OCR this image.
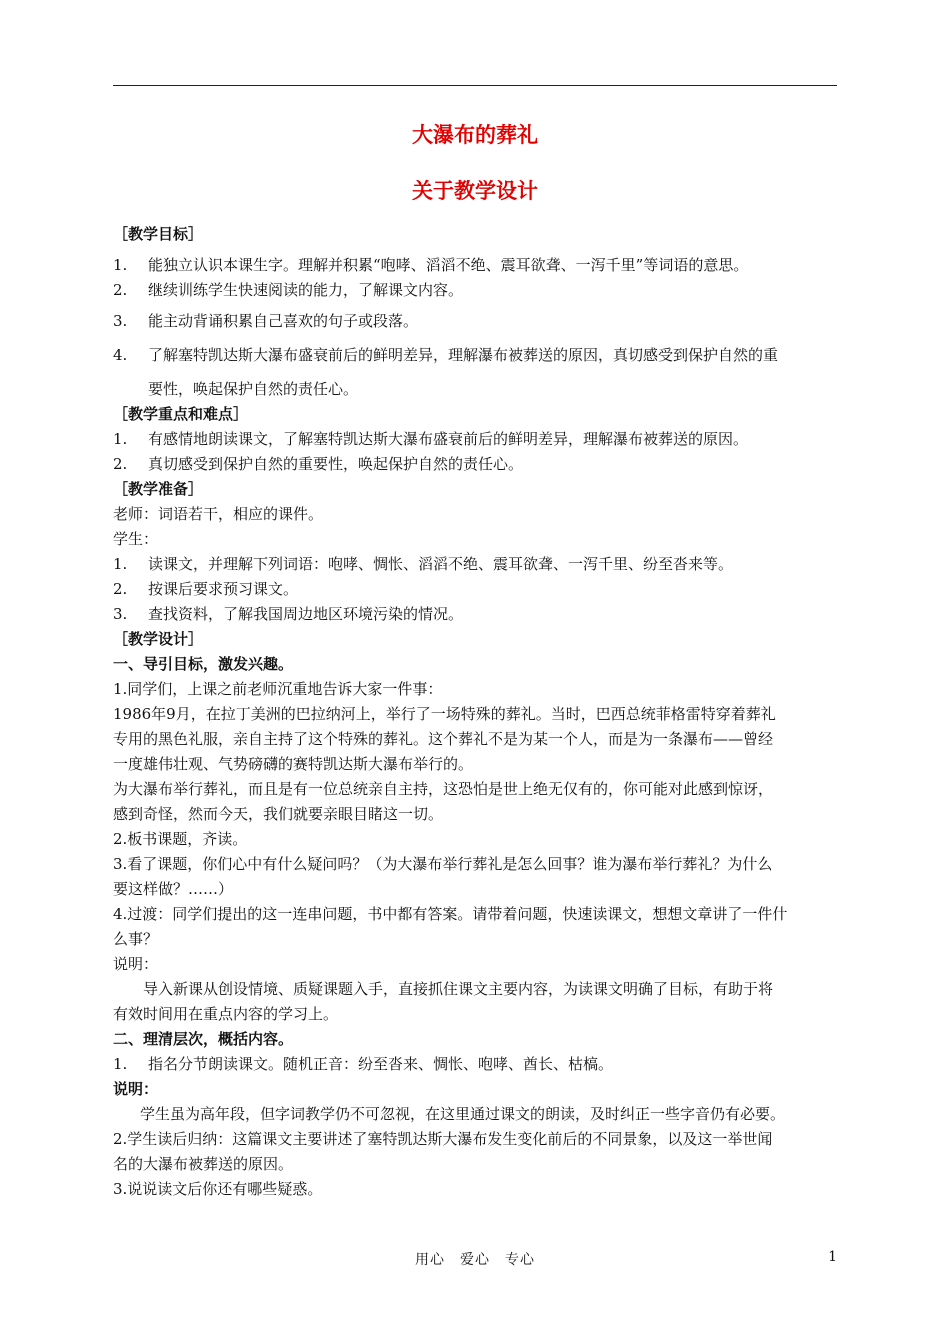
大瀑布的葬礼

关于教学设计

［教学目标］

1.	能独立认识本课生字。理解并积累“咆哮、滔滔不绝、震耳欲聋、一泻千里”等词语的意思。
2.	继续训练学生快速阅读的能力，了解课文内容。
3.	能主动背诵积累自己喜欢的句子或段落。
4.	了解塞特凯达斯大瀑布盛衰前后的鲜明差异，理解瀑布被葬送的原因，真切感受到保护自然的重

要性，唤起保护自然的责任心。

［教学重点和难点］

1.	有感情地朗读课文，了解塞特凯达斯大瀑布盛衰前后的鲜明差异，理解瀑布被葬送的原因。
2.	真切感受到保护自然的重要性，唤起保护自然的责任心。

［教学准备］

老师：词语若干，相应的课件。

学生：

1.	读课文，并理解下列词语：咆哮、惆怅、滔滔不绝、震耳欲聋、一泻千里、纷至沓来等。
2.	按课后要求预习课文。
3.	查找资料，了解我国周边地区环境污染的情况。

［教学设计］

一、导引目标，激发兴趣。

1.同学们，上课之前老师沉重地告诉大家一件事：

1986年9月，在拉丁美洲的巴拉纳河上，举行了一场特殊的葬礼。当时，巴西总统菲格雷特穿着葬礼

专用的黑色礼服，亲自主持了这个特殊的葬礼。这个葬礼不是为某一个人，而是为一条瀑布——曾经

一度雄伟壮观、气势磅礴的赛特凯达斯大瀑布举行的。

为大瀑布举行葬礼，而且是有一位总统亲自主持，这恐怕是世上绝无仅有的，你可能对此感到惊讶，

感到奇怪，然而今天，我们就要亲眼目睹这一切。

2.板书课题，齐读。

3.看了课题，你们心中有什么疑问吗？（为大瀑布举行葬礼是怎么回事？谁为瀑布举行葬礼？为什么

要这样做？……）

4.过渡：同学们提出的这一连串问题，书中都有答案。请带着问题，快速读课文，想想文章讲了一件什

么事？

说明：

导入新课从创设情境、质疑课题入手，直接抓住课文主要内容，为读课文明确了目标，有助于将

有效时间用在重点内容的学习上。

二、理清层次，概括内容。

1.	指名分节朗读课文。随机正音：纷至沓来、惆怅、咆哮、酋长、枯槁。

说明：

学生虽为高年段，但字词教学仍不可忽视，在这里通过课文的朗读，及时纠正一些字音仍有必要。

2.学生读后归纳：这篇课文主要讲述了塞特凯达斯大瀑布发生变化前后的不同景象，以及这一举世闻

名的大瀑布被葬送的原因。

3.说说读文后你还有哪些疑惑。

用心　爱心　专心	1
